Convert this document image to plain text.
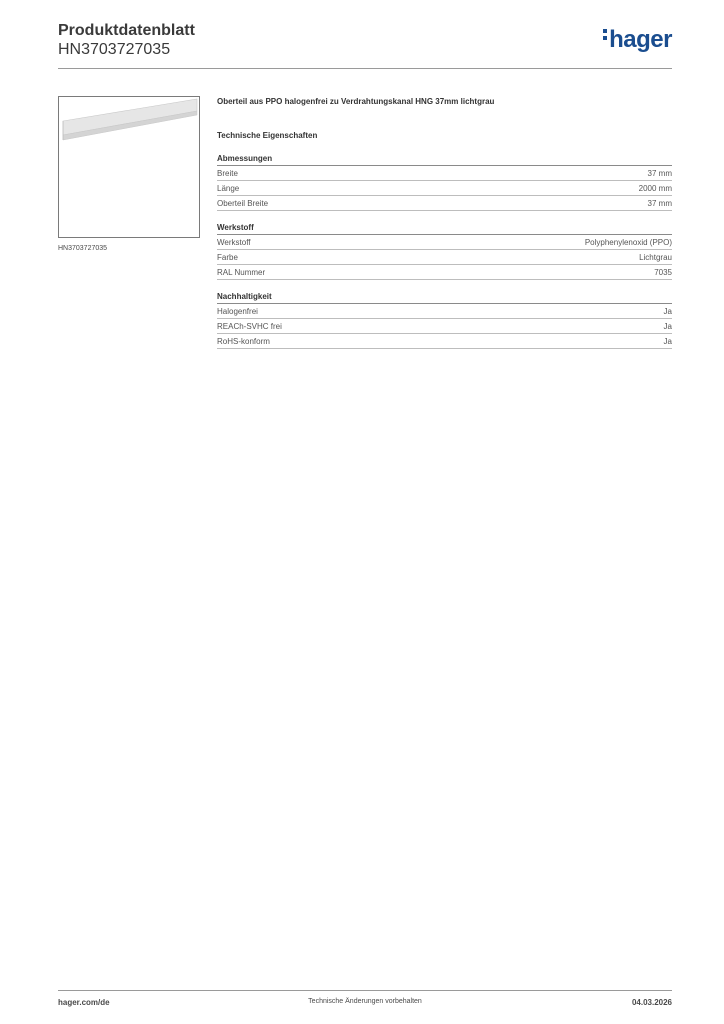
Produktdatenblatt
HN3703727035	hager
HN3703727035
Oberteil aus PPO halogenfrei zu Verdrahtungskanal HNG 37mm lichtgrau
Technische Eigenschaften
Abmessungen
Breite	37 mm
Länge	2000 mm
Oberteil Breite	37 mm
Werkstoff
Werkstoff	Polyphenylenoxid (PPO)
Farbe	Lichtgrau
RAL Nummer	7035
Nachhaltigkeit
Halogenfrei	Ja
REACh-SVHC frei	Ja
RoHS-konform	Ja
hager.com/de	Technische Änderungen vorbehalten	04.03.2026
